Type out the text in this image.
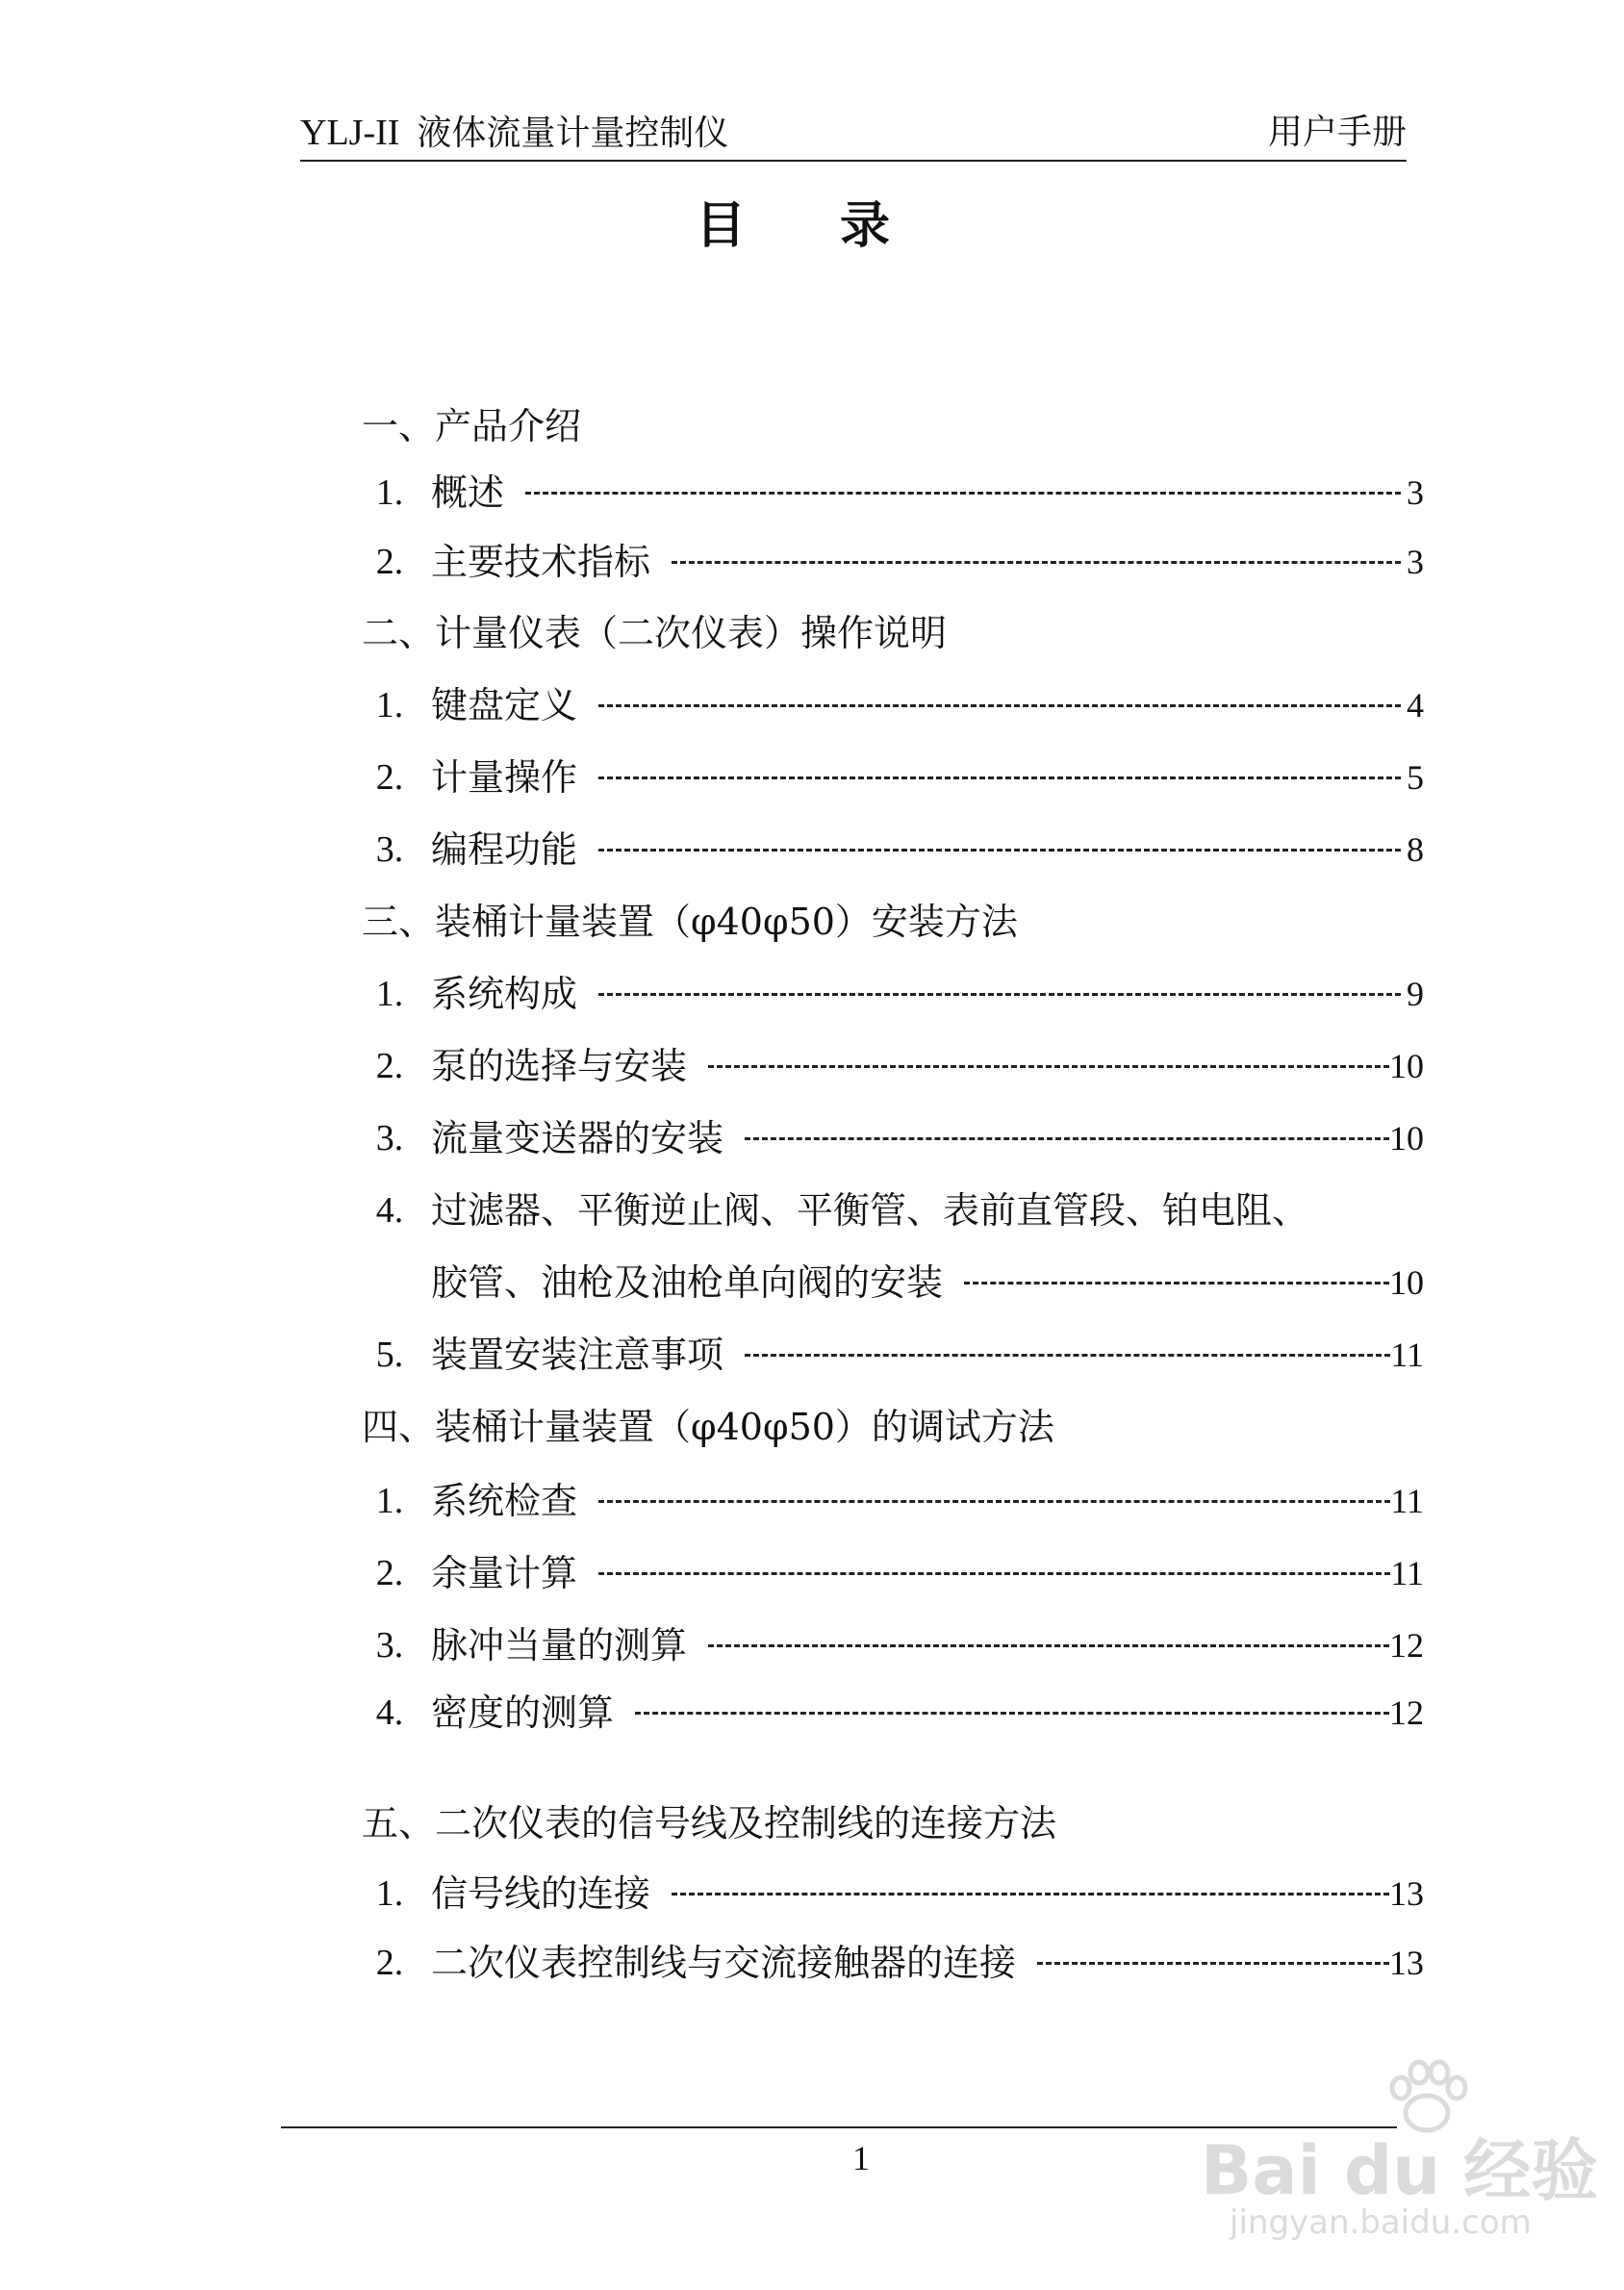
YLJ-II 液体流量计量控制仪	用户手册
目 录
一、产品介绍
1. 概述	3
2. 主要技术指标	3
二、计量仪表（二次仪表）操作说明
1. 键盘定义	4
2. 计量操作	5
3. 编程功能	8
三、装桶计量装置（φ40φ50）安装方法
1. 系统构成	9
2. 泵的选择与安装	10
3. 流量变送器的安装	10
4. 过滤器、平衡逆止阀、平衡管、表前直管段、铂电阻、
胶管、油枪及油枪单向阀的安装	10
5. 装置安装注意事项	11
四、装桶计量装置（φ40φ50）的调试方法
1. 系统检查	11
2. 余量计算	11
3. 脉冲当量的测算	12
4. 密度的测算	12
五、二次仪表的信号线及控制线的连接方法
1. 信号线的连接	13
2. 二次仪表控制线与交流接触器的连接	13
1	Bai du 经验
jingyan.baidu.com
